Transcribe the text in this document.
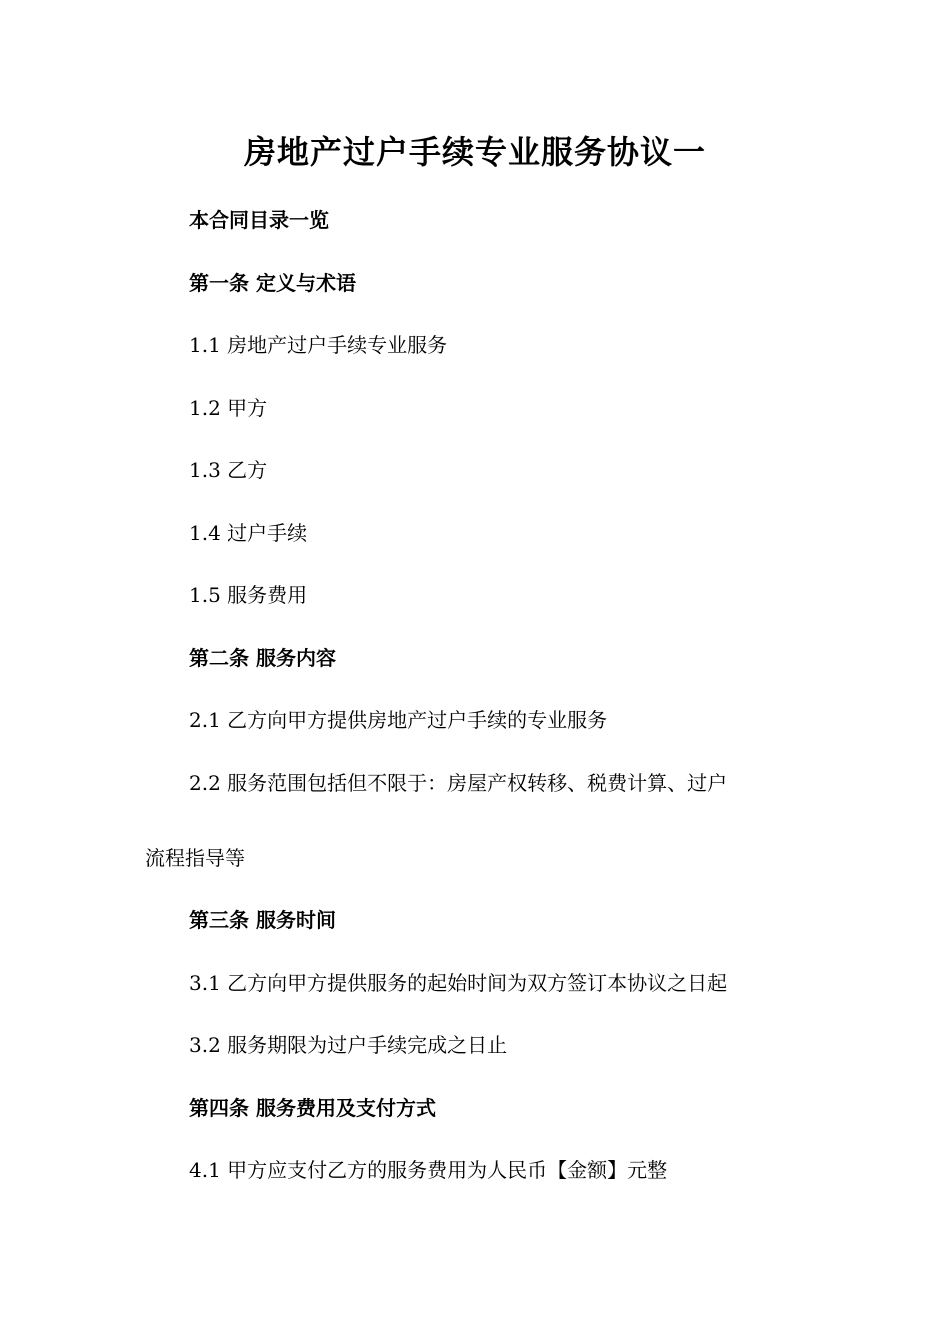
房地产过户手续专业服务协议一
本合同目录一览
第一条 定义与术语
1.1 房地产过户手续专业服务
1.2 甲方
1.3 乙方
1.4 过户手续
1.5 服务费用
第二条 服务内容
2.1 乙方向甲方提供房地产过户手续的专业服务
2.2 服务范围包括但不限于：房屋产权转移、税费计算、过户
流程指导等
第三条 服务时间
3.1 乙方向甲方提供服务的起始时间为双方签订本协议之日起
3.2 服务期限为过户手续完成之日止
第四条 服务费用及支付方式
4.1 甲方应支付乙方的服务费用为人民币【金额】元整
